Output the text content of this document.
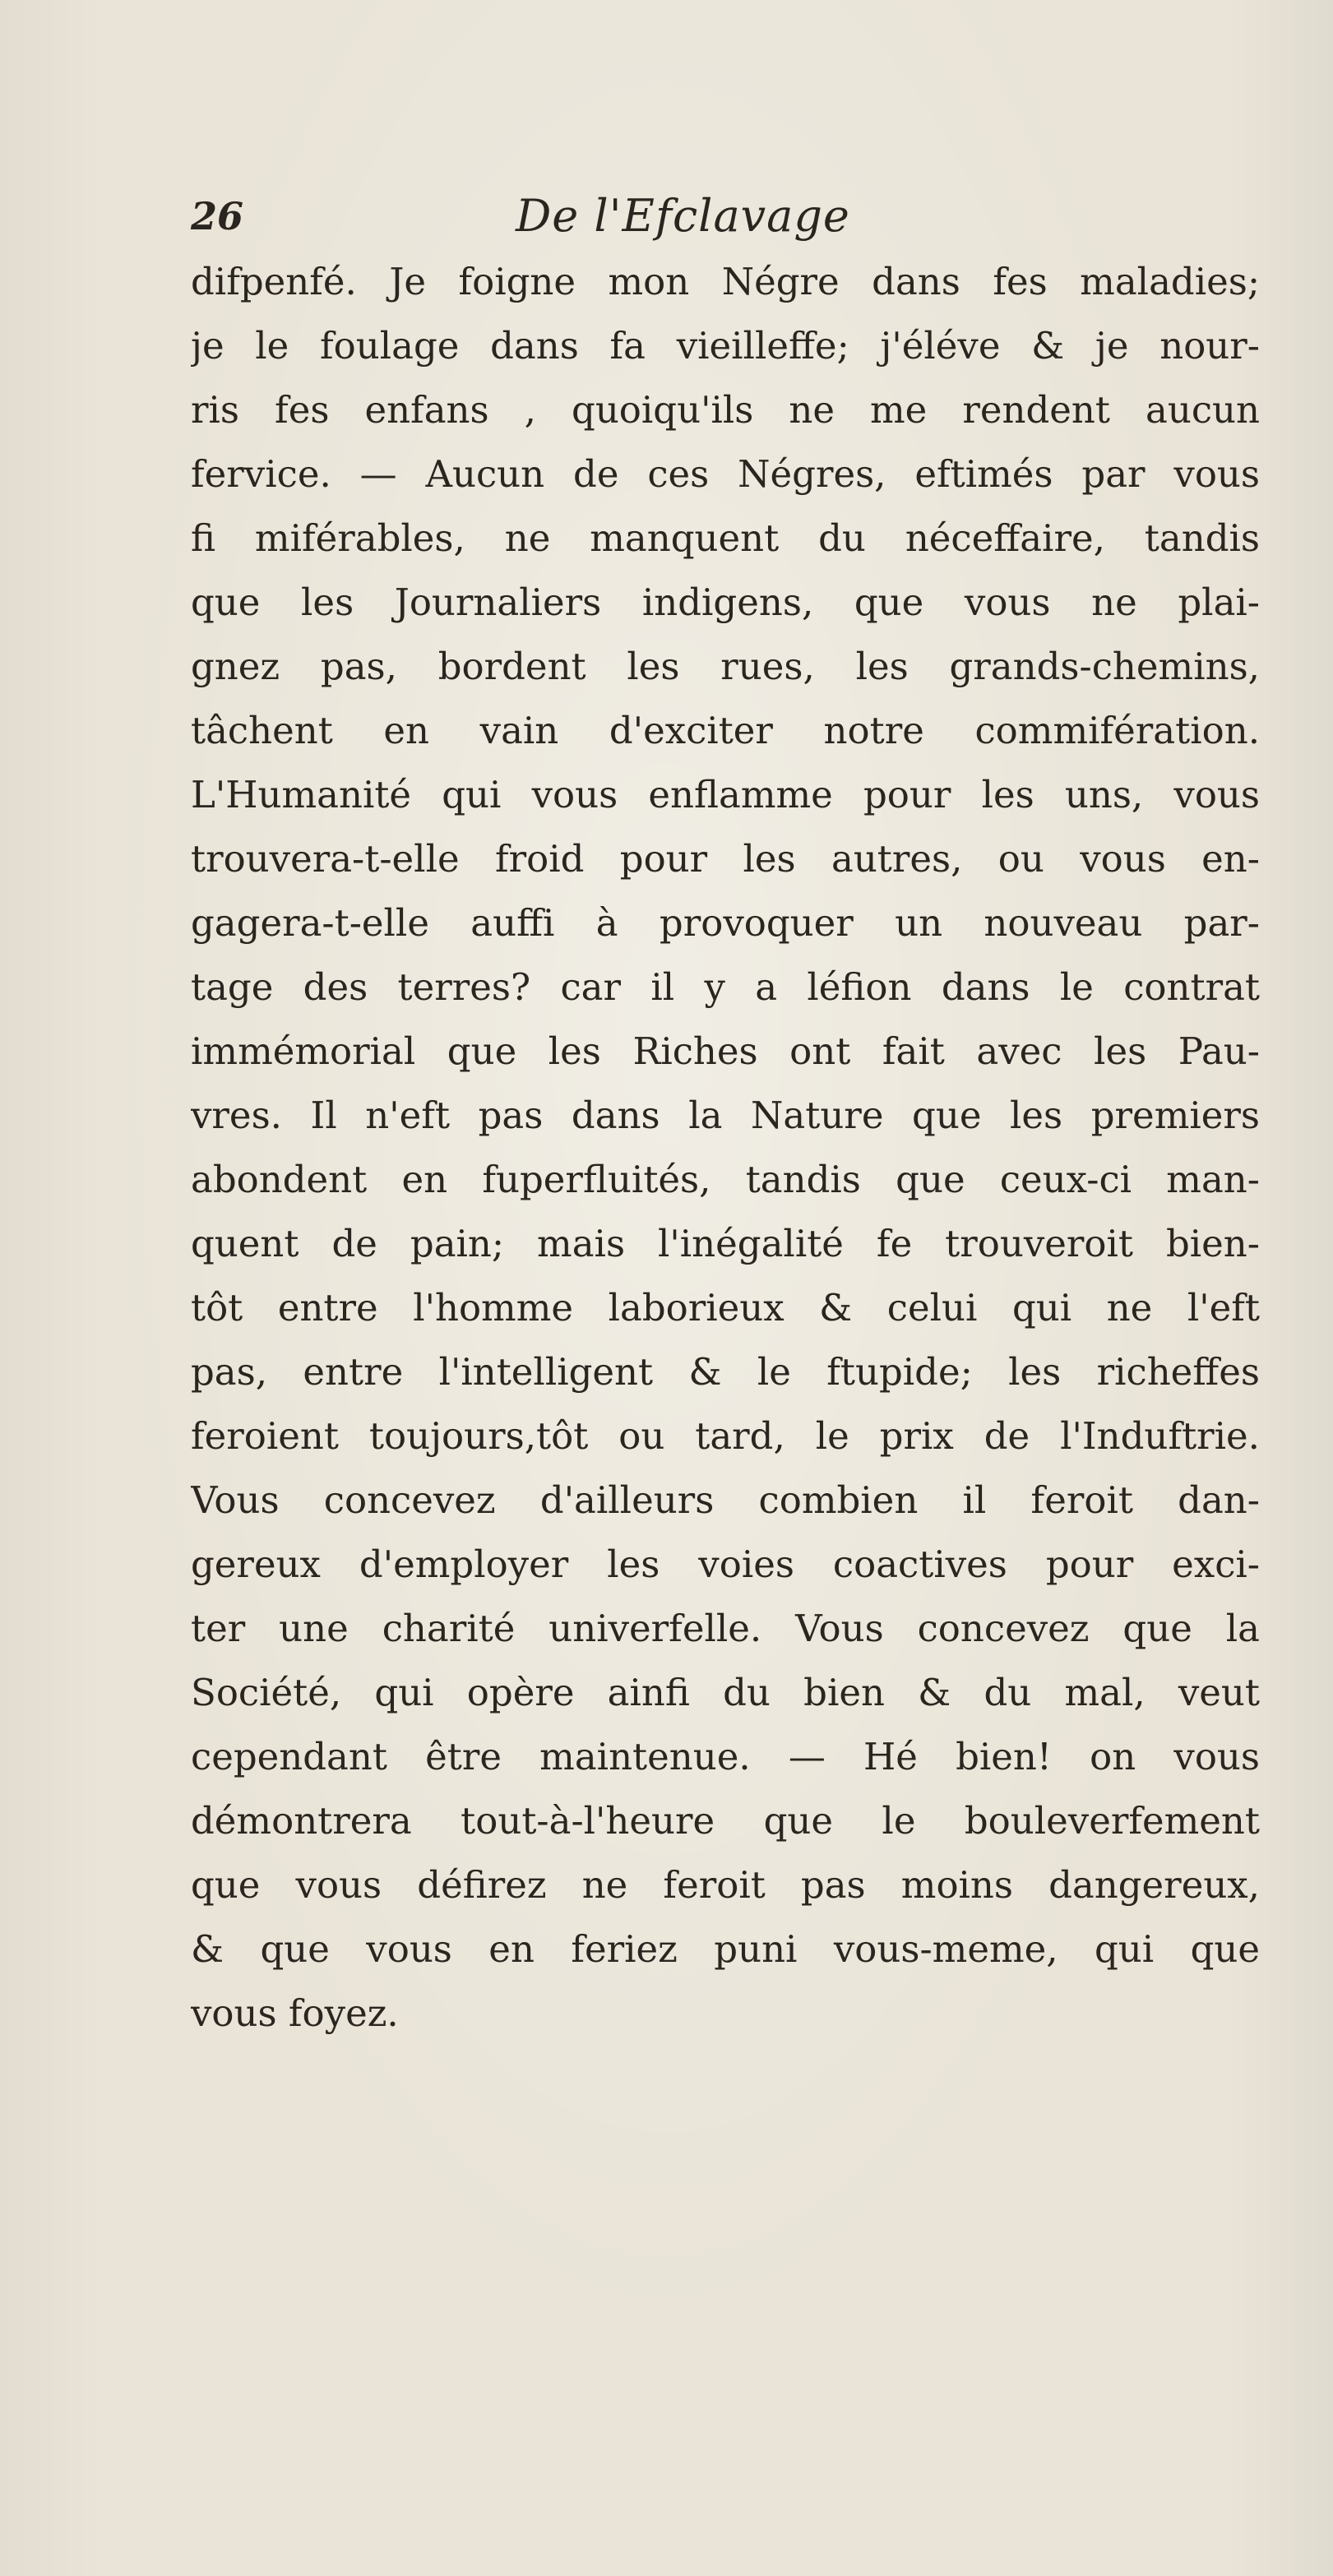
26	De l'Efclavage
difpenfé. Je foigne mon Négre dans fes maladies;
je le foulage dans fa vieilleffe; j'éléve & je nour-
ris fes enfans , quoiqu'ils ne me rendent aucun
fervice. — Aucun de ces Négres, eftimés par vous
fi miférables, ne manquent du néceffaire, tandis
que les Journaliers indigens, que vous ne plai-
gnez pas, bordent les rues, les grands-chemins,
tâchent en vain d'exciter notre commifération.
L'Humanité qui vous enflamme pour les uns, vous
trouvera-t-elle froid pour les autres, ou vous en-
gagera-t-elle auffi à provoquer un nouveau par-
tage des terres? car il y a léfion dans le contrat
immémorial que les Riches ont fait avec les Pau-
vres. Il n'eft pas dans la Nature que les premiers
abondent en fuperfluités, tandis que ceux-ci man-
quent de pain; mais l'inégalité fe trouveroit bien-
tôt entre l'homme laborieux & celui qui ne l'eft
pas, entre l'intelligent & le ftupide; les richeffes
feroient toujours,tôt ou tard, le prix de l'Induftrie.
Vous concevez d'ailleurs combien il feroit dan-
gereux d'employer les voies coactives pour exci-
ter une charité univerfelle. Vous concevez que la
Société, qui opère ainfi du bien & du mal, veut
cependant être maintenue. — Hé bien! on vous
démontrera tout-à-l'heure que le bouleverfement
que vous défirez ne feroit pas moins dangereux,
& que vous en feriez puni vous-meme, qui que
vous foyez.
